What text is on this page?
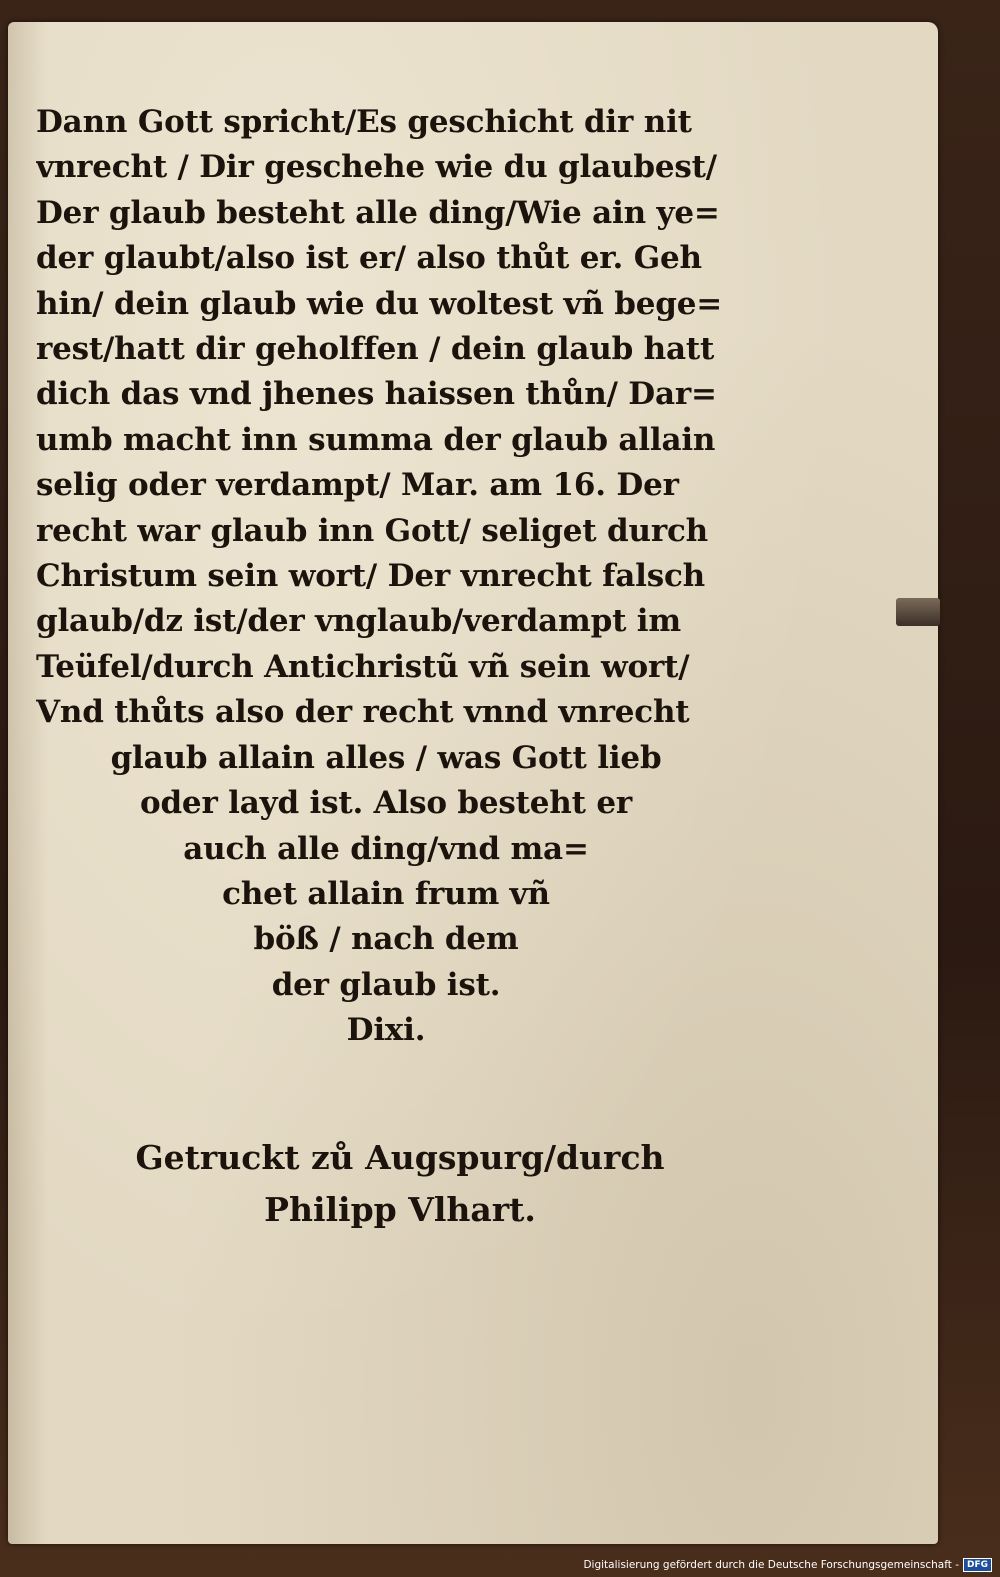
Dann Gott spricht/Es geschicht dir nit
vnrecht / Dir geschehe wie du glaubest/
Der glaub besteht alle ding/Wie ain ye=
der glaubt/also ist er/ also thůt er. Geh
hin/ dein glaub wie du woltest vñ bege=
rest/hatt dir geholffen / dein glaub hatt
dich das vnd jhenes haissen thůn/ Dar=
umb macht inn summa der glaub allain
selig oder verdampt/ Mar. am 16. Der
recht war glaub inn Gott/ seliget durch
Christum sein wort/ Der vnrecht falsch
glaub/dz ist/der vnglaub/verdampt im
Teüfel/durch Antichristũ vñ sein wort/
Vnd thůts also der recht vnnd vnrecht
glaub allain alles / was Gott lieb
oder layd ist. Also besteht er
auch alle ding/vnd ma=
chet allain frum vñ
böß / nach dem
der glaub ist.
Dixi.
Getruckt zů Augspurg/durch
Philipp Vlhart.
Digitalisierung gefördert durch die Deutsche Forschungsgemeinschaft - DFG
